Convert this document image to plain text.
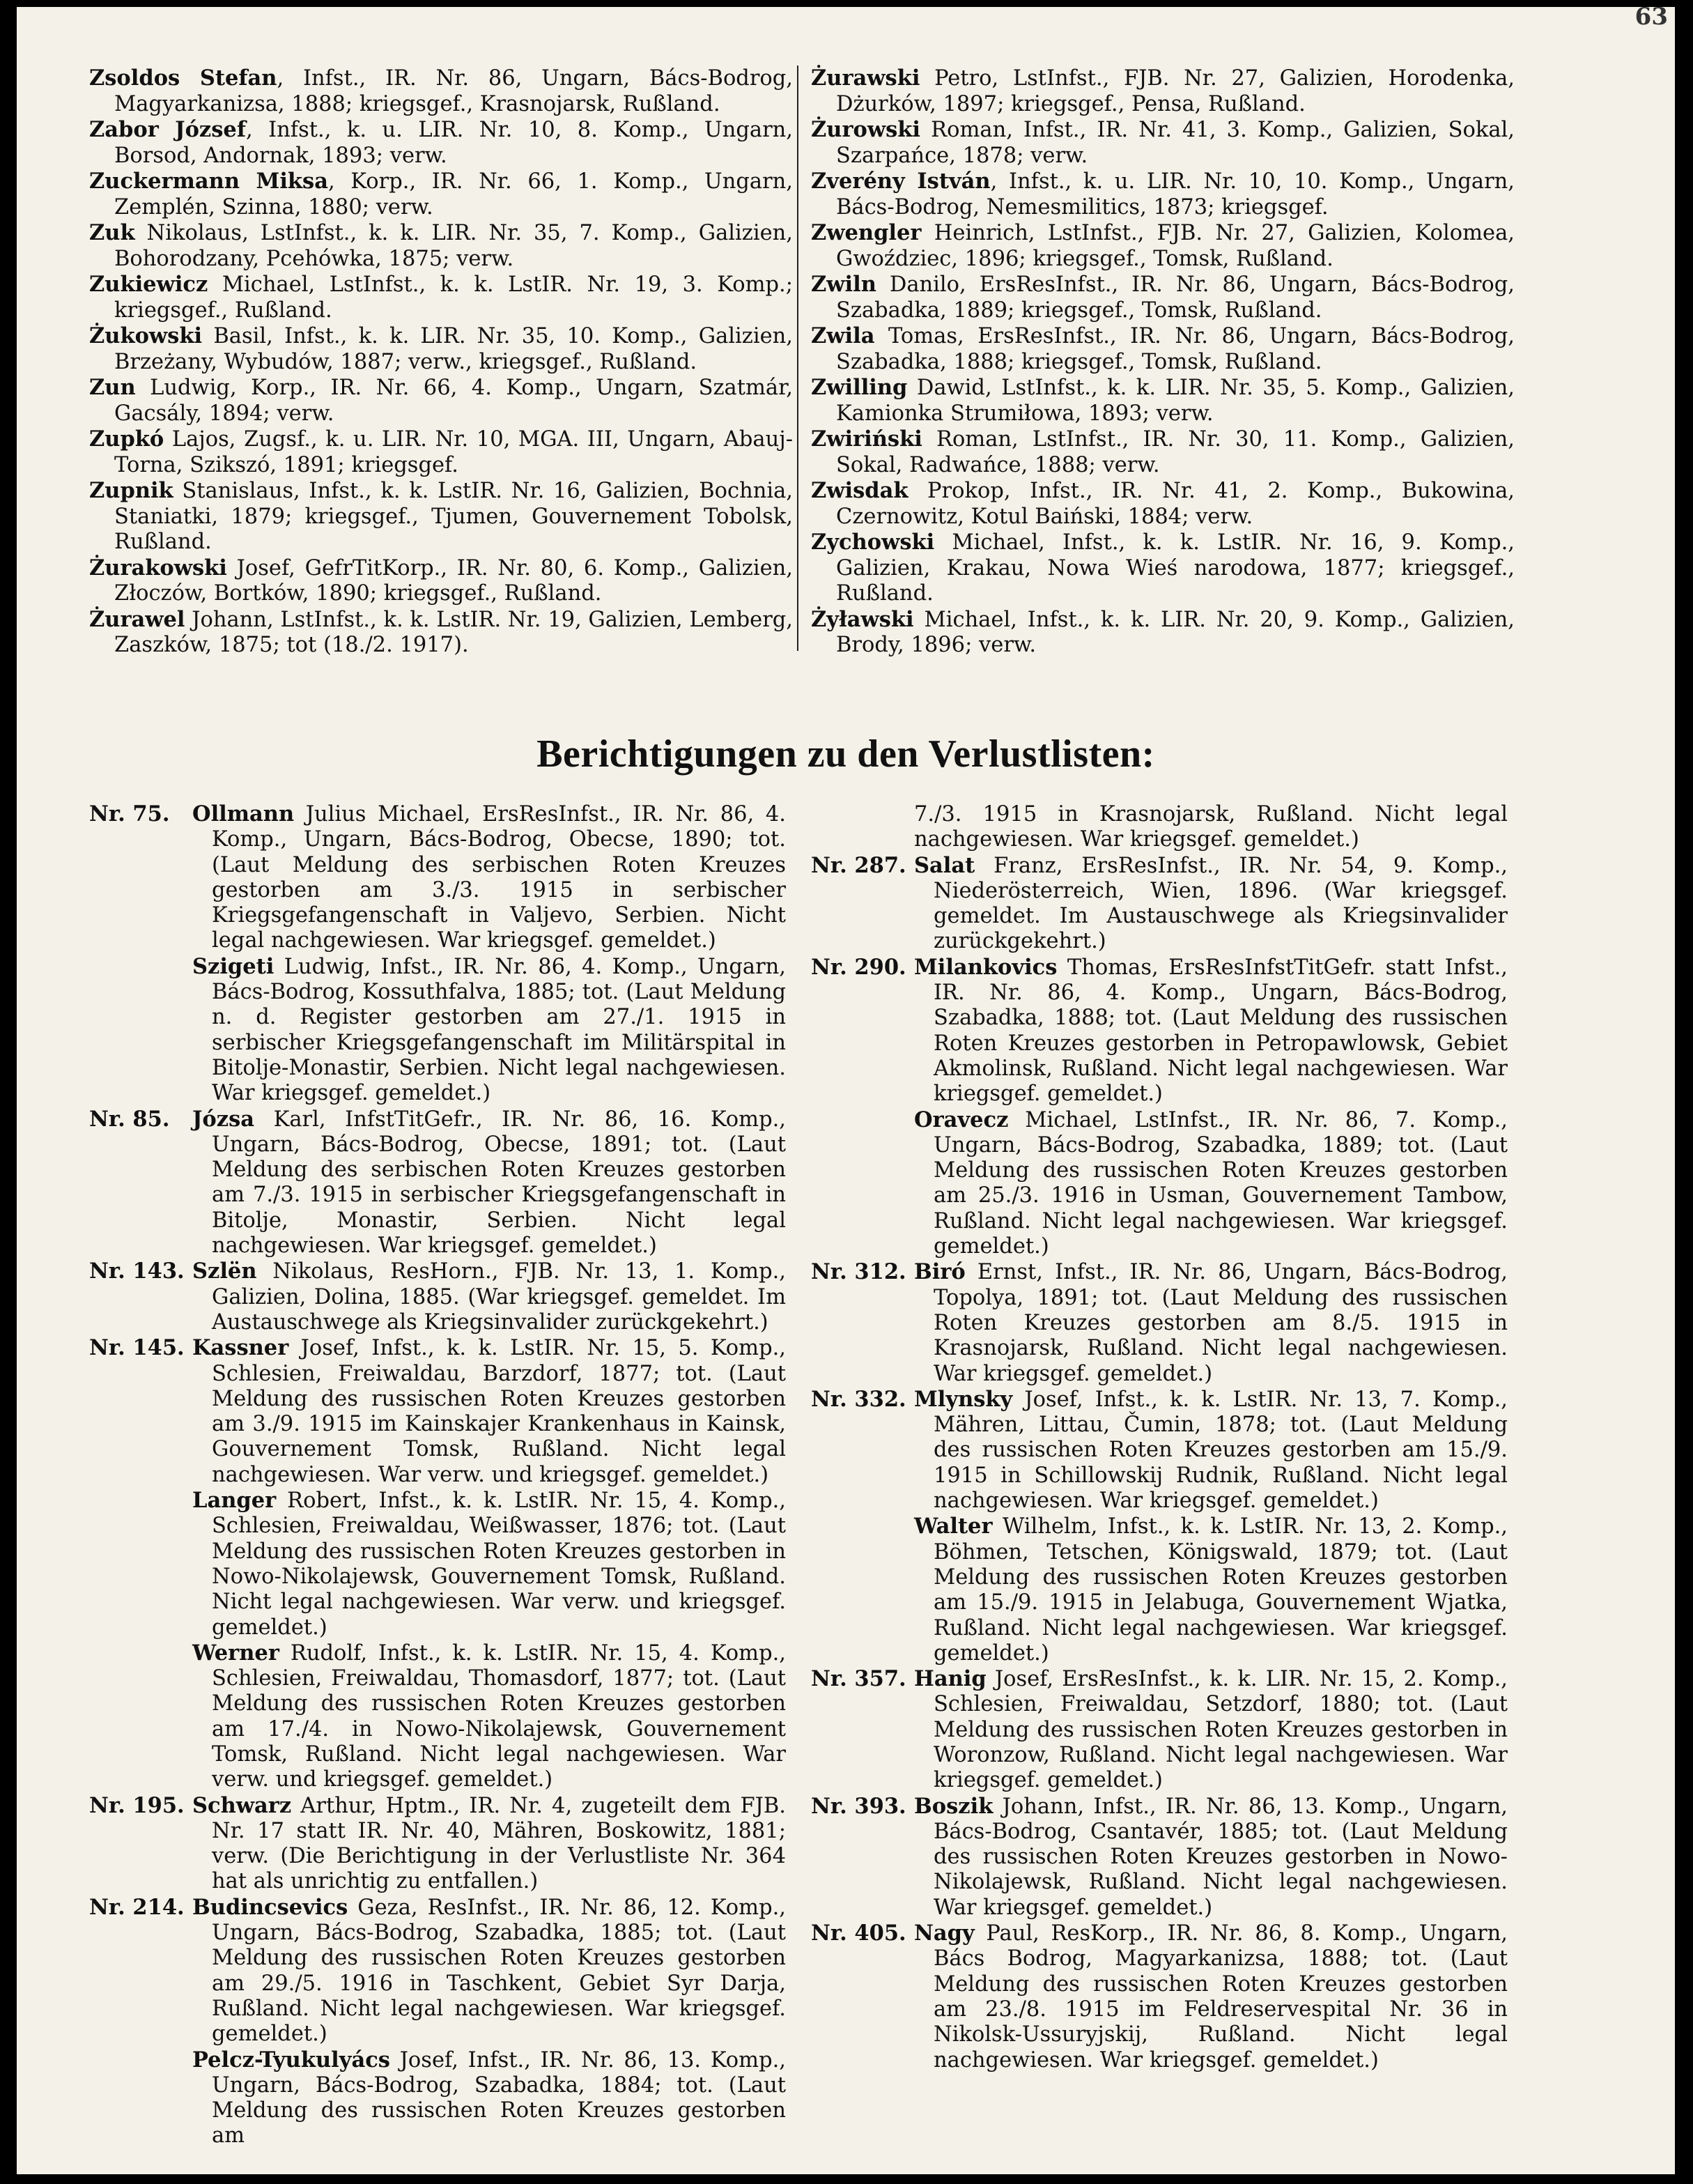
63

Zsoldos Stefan, Infst., IR. Nr. 86, Ungarn, Bács-Bodrog, Magyarkanizsa, 1888; kriegsgef., Krasnojarsk, Rußland.

Zabor József, Infst., k. u. LIR. Nr. 10, 8. Komp., Ungarn, Borsod, Andornak, 1893; verw.

Zuckermann Miksa, Korp., IR. Nr. 66, 1. Komp., Ungarn, Zemplén, Szinna, 1880; verw.

Zuk Nikolaus, LstInfst., k. k. LIR. Nr. 35, 7. Komp., Galizien, Bohorodzany, Pcehówka, 1875; verw.

Zukiewicz Michael, LstInfst., k. k. LstIR. Nr. 19, 3. Komp.; kriegsgef., Rußland.

Żukowski Basil, Infst., k. k. LIR. Nr. 35, 10. Komp., Galizien, Brzeżany, Wybudów, 1887; verw., kriegsgef., Rußland.

Zun Ludwig, Korp., IR. Nr. 66, 4. Komp., Ungarn, Szatmár, Gacsály, 1894; verw.

Zupkó Lajos, Zugsf., k. u. LIR. Nr. 10, MGA. III, Ungarn, Abauj-Torna, Szikszó, 1891; kriegsgef.

Zupnik Stanislaus, Infst., k. k. LstIR. Nr. 16, Galizien, Bochnia, Staniatki, 1879; kriegsgef., Tjumen, Gouvernement Tobolsk, Rußland.

Żurakowski Josef, GefrTitKorp., IR. Nr. 80, 6. Komp., Galizien, Złoczów, Bortków, 1890; kriegsgef., Rußland.

Żurawel Johann, LstInfst., k. k. LstIR. Nr. 19, Galizien, Lemberg, Zaszków, 1875; tot (18./2. 1917).

Żurawski Petro, LstInfst., FJB. Nr. 27, Galizien, Horodenka, Dżurków, 1897; kriegsgef., Pensa, Rußland.

Żurowski Roman, Infst., IR. Nr. 41, 3. Komp., Galizien, Sokal, Szarpańce, 1878; verw.

Zverény István, Infst., k. u. LIR. Nr. 10, 10. Komp., Ungarn, Bács-Bodrog, Nemesmilitics, 1873; kriegsgef.

Zwengler Heinrich, LstInfst., FJB. Nr. 27, Galizien, Kolomea, Gwoździec, 1896; kriegsgef., Tomsk, Rußland.

Zwiln Danilo, ErsResInfst., IR. Nr. 86, Ungarn, Bács-Bodrog, Szabadka, 1889; kriegsgef., Tomsk, Rußland.

Zwila Tomas, ErsResInfst., IR. Nr. 86, Ungarn, Bács-Bodrog, Szabadka, 1888; kriegsgef., Tomsk, Rußland.

Zwilling Dawid, LstInfst., k. k. LIR. Nr. 35, 5. Komp., Galizien, Kamionka Strumiłowa, 1893; verw.

Zwiriński Roman, LstInfst., IR. Nr. 30, 11. Komp., Galizien, Sokal, Radwańce, 1888; verw.

Zwisdak Prokop, Infst., IR. Nr. 41, 2. Komp., Bukowina, Czernowitz, Kotul Baiński, 1884; verw.

Zychowski Michael, Infst., k. k. LstIR. Nr. 16, 9. Komp., Galizien, Krakau, Nowa Wieś narodowa, 1877; kriegsgef., Rußland.

Żyławski Michael, Infst., k. k. LIR. Nr. 20, 9. Komp., Galizien, Brody, 1896; verw.

Berichtigungen zu den Verlustlisten:
Nr. 75.	Ollmann Julius Michael, ErsResInfst., IR. Nr. 86, 4. Komp., Ungarn, Bács-Bodrog, Obecse, 1890; tot. (Laut Meldung des serbischen Roten Kreuzes gestorben am 3./3. 1915 in serbischer Kriegsgefangenschaft in Valjevo, Serbien. Nicht legal nachgewiesen. War kriegsgef. gemeldet.)
Szigeti Ludwig, Infst., IR. Nr. 86, 4. Komp., Ungarn, Bács-Bodrog, Kossuthfalva, 1885; tot. (Laut Meldung n. d. Register gestorben am 27./1. 1915 in serbischer Kriegsgefangenschaft im Militärspital in Bitolje-Monastir, Serbien. Nicht legal nachgewiesen. War kriegsgef. gemeldet.)
Nr. 85.	Józsa Karl, InfstTitGefr., IR. Nr. 86, 16. Komp., Ungarn, Bács-Bodrog, Obecse, 1891; tot. (Laut Meldung des serbischen Roten Kreuzes gestorben am 7./3. 1915 in serbischer Kriegsgefangenschaft in Bitolje, Monastir, Serbien. Nicht legal nachgewiesen. War kriegsgef. gemeldet.)
Nr. 143. Szlën Nikolaus, ResHorn., FJB. Nr. 13, 1. Komp., Galizien, Dolina, 1885. (War kriegsgef. gemeldet. Im Austauschwege als Kriegsinvalider zurückgekehrt.)
Nr. 145. Kassner Josef, Infst., k. k. LstIR. Nr. 15, 5. Komp., Schlesien, Freiwaldau, Barzdorf, 1877; tot. (Laut Meldung des russischen Roten Kreuzes gestorben am 3./9. 1915 im Kainskajer Krankenhaus in Kainsk, Gouvernement Tomsk, Rußland. Nicht legal nachgewiesen. War verw. und kriegsgef. gemeldet.)
Langer Robert, Infst., k. k. LstIR. Nr. 15, 4. Komp., Schlesien, Freiwaldau, Weißwasser, 1876; tot. (Laut Meldung des russischen Roten Kreuzes gestorben in Nowo-Nikolajewsk, Gouvernement Tomsk, Rußland. Nicht legal nachgewiesen. War verw. und kriegsgef. gemeldet.)
Werner Rudolf, Infst., k. k. LstIR. Nr. 15, 4. Komp., Schlesien, Freiwaldau, Thomasdorf, 1877; tot. (Laut Meldung des russischen Roten Kreuzes gestorben am 17./4. in Nowo-Nikolajewsk, Gouvernement Tomsk, Rußland. Nicht legal nachgewiesen. War verw. und kriegsgef. gemeldet.)
Nr. 195. Schwarz Arthur, Hptm., IR. Nr. 4, zugeteilt dem FJB. Nr. 17 statt IR. Nr. 40, Mähren, Boskowitz, 1881; verw. (Die Berichtigung in der Verlustliste Nr. 364 hat als unrichtig zu entfallen.)
Nr. 214. Budincsevics Geza, ResInfst., IR. Nr. 86, 12. Komp., Ungarn, Bács-Bodrog, Szabadka, 1885; tot. (Laut Meldung des russischen Roten Kreuzes gestorben am 29./5. 1916 in Taschkent, Gebiet Syr Darja, Rußland. Nicht legal nachgewiesen. War kriegsgef. gemeldet.)
Pelcz-Tyukulyács Josef, Infst., IR. Nr. 86, 13. Komp., Ungarn, Bács-Bodrog, Szabadka, 1884; tot. (Laut Meldung des russischen Roten Kreuzes gestorben am
7./3. 1915 in Krasnojarsk, Rußland. Nicht legal nachgewiesen. War kriegsgef. gemeldet.)
Nr. 287. Salat Franz, ErsResInfst., IR. Nr. 54, 9. Komp., Niederösterreich, Wien, 1896. (War kriegsgef. gemeldet. Im Austauschwege als Kriegsinvalider zurückgekehrt.)
Nr. 290. Milankovics Thomas, ErsResInfstTitGefr. statt Infst., IR. Nr. 86, 4. Komp., Ungarn, Bács-Bodrog, Szabadka, 1888; tot. (Laut Meldung des russischen Roten Kreuzes gestorben in Petropawlowsk, Gebiet Akmolinsk, Rußland. Nicht legal nachgewiesen. War kriegsgef. gemeldet.)
Oravecz Michael, LstInfst., IR. Nr. 86, 7. Komp., Ungarn, Bács-Bodrog, Szabadka, 1889; tot. (Laut Meldung des russischen Roten Kreuzes gestorben am 25./3. 1916 in Usman, Gouvernement Tambow, Rußland. Nicht legal nachgewiesen. War kriegsgef. gemeldet.)
Nr. 312. Biró Ernst, Infst., IR. Nr. 86, Ungarn, Bács-Bodrog, Topolya, 1891; tot. (Laut Meldung des russischen Roten Kreuzes gestorben am 8./5. 1915 in Krasnojarsk, Rußland. Nicht legal nachgewiesen. War kriegsgef. gemeldet.)
Nr. 332. Mlynsky Josef, Infst., k. k. LstIR. Nr. 13, 7. Komp., Mähren, Littau, Čumin, 1878; tot. (Laut Meldung des russischen Roten Kreuzes gestorben am 15./9. 1915 in Schillowskij Rudnik, Rußland. Nicht legal nachgewiesen. War kriegsgef. gemeldet.)
Walter Wilhelm, Infst., k. k. LstIR. Nr. 13, 2. Komp., Böhmen, Tetschen, Königswald, 1879; tot. (Laut Meldung des russischen Roten Kreuzes gestorben am 15./9. 1915 in Jelabuga, Gouvernement Wjatka, Rußland. Nicht legal nachgewiesen. War kriegsgef. gemeldet.)
Nr. 357. Hanig Josef, ErsResInfst., k. k. LIR. Nr. 15, 2. Komp., Schlesien, Freiwaldau, Setzdorf, 1880; tot. (Laut Meldung des russischen Roten Kreuzes gestorben in Woronzow, Rußland. Nicht legal nachgewiesen. War kriegsgef. gemeldet.)
Nr. 393. Boszik Johann, Infst., IR. Nr. 86, 13. Komp., Ungarn, Bács-Bodrog, Csantavér, 1885; tot. (Laut Meldung des russischen Roten Kreuzes gestorben in Nowo-Nikolajewsk, Rußland. Nicht legal nachgewiesen. War kriegsgef. gemeldet.)
Nr. 405. Nagy Paul, ResKorp., IR. Nr. 86, 8. Komp., Ungarn, Bács Bodrog, Magyarkanizsa, 1888; tot. (Laut Meldung des russischen Roten Kreuzes gestorben am 23./8. 1915 im Feldreservespital Nr. 36 in Nikolsk-Ussuryjskij, Rußland. Nicht legal nachgewiesen. War kriegsgef. gemeldet.)
